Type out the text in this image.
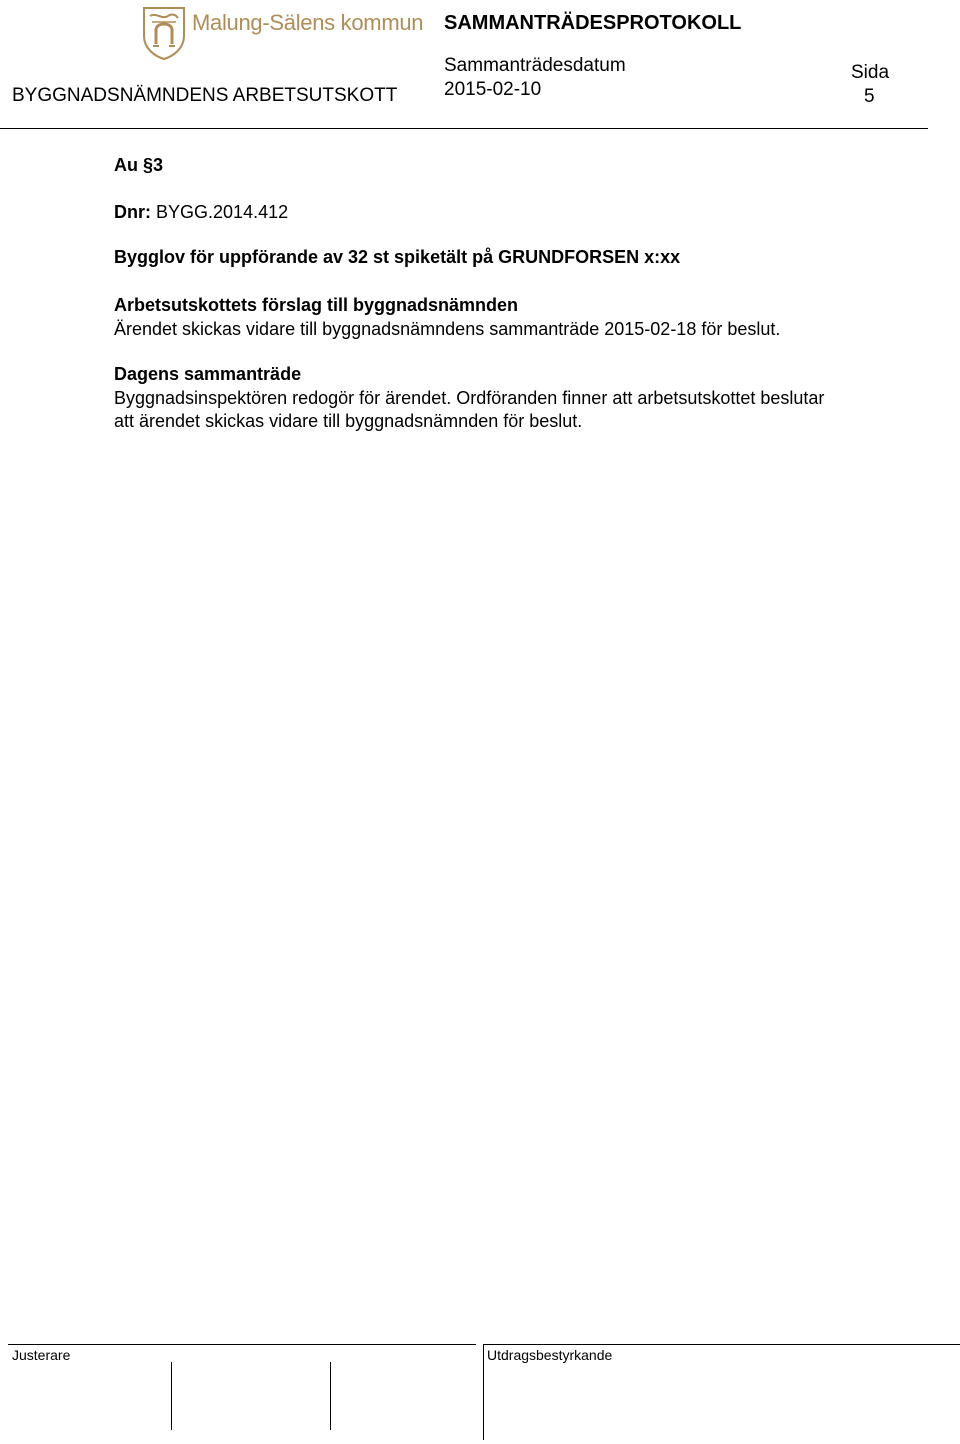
Malung-Sälens kommun SAMMANTRÄDESPROTOKOLL
Sammanträdesdatum
2015-02-10
Sida
5
BYGGNADSNÄMNDENS ARBETSUTSKOTT
Au §3
Dnr: BYGG.2014.412
Bygglov för uppförande av 32 st spiketält på GRUNDFORSEN x:xx
Arbetsutskottets förslag till byggnadsnämnden
Ärendet skickas vidare till byggnadsnämndens sammanträde 2015-02-18 för beslut.
Dagens sammanträde
Byggnadsinspektören redogör för ärendet. Ordföranden finner att arbetsutskottet beslutar
att ärendet skickas vidare till byggnadsnämnden för beslut.
Justerare	Utdragsbestyrkande
